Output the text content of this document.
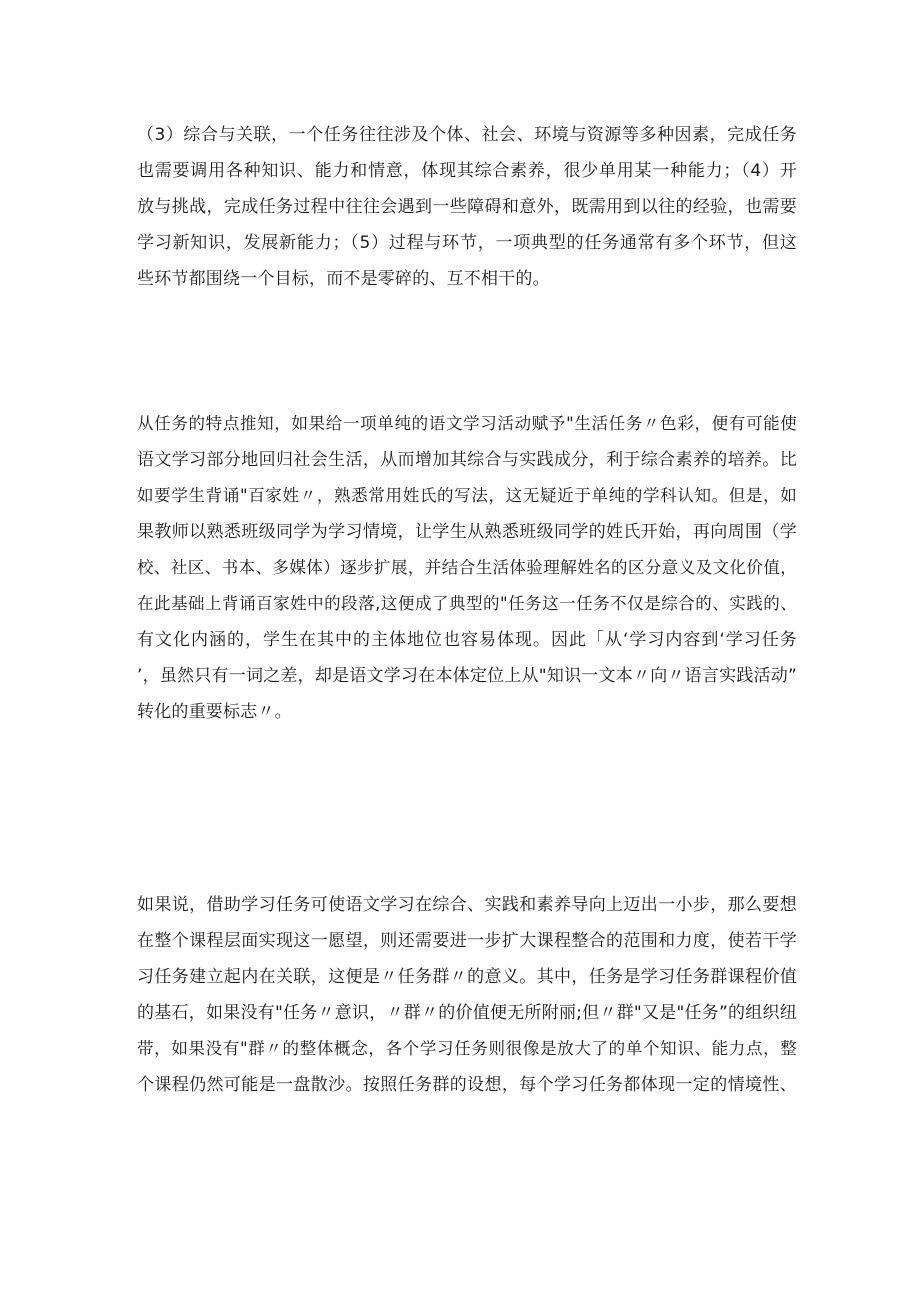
（3）综合与关联，一个任务往往涉及个体、社会、环境与资源等多种因素，完成任务
也需要调用各种知识、能力和情意，体现其综合素养，很少单用某一种能力；（4）开
放与挑战，完成任务过程中往往会遇到一些障碍和意外，既需用到以往的经验，也需要
学习新知识，发展新能力；（5）过程与环节，一项典型的任务通常有多个环节，但这
些环节都围绕一个目标，而不是零碎的、互不相干的。
从任务的特点推知，如果给一项单纯的语文学习活动赋予"生活任务〃色彩，便有可能使
语文学习部分地回归社会生活，从而增加其综合与实践成分，利于综合素养的培养。比
如要学生背诵"百家姓〃，熟悉常用姓氏的写法，这无疑近于单纯的学科认知。但是，如
果教师以熟悉班级同学为学习情境，让学生从熟悉班级同学的姓氏开始，再向周围（学
校、社区、书本、多媒体）逐步扩展，并结合生活体验理解姓名的区分意义及文化价值，
在此基础上背诵百家姓中的段落,这便成了典型的"任务这一任务不仅是综合的、实践的、
有文化内涵的，学生在其中的主体地位也容易体现。因此「从‘学习内容到‘学习任务
’，虽然只有一词之差，却是语文学习在本体定位上从"知识一文本〃向〃语言实践活动”
转化的重要标志〃。
如果说，借助学习任务可使语文学习在综合、实践和素养导向上迈出一小步，那么要想
在整个课程层面实现这一愿望，则还需要进一步扩大课程整合的范围和力度，使若干学
习任务建立起内在关联，这便是〃任务群〃的意义。其中，任务是学习任务群课程价值
的基石，如果没有"任务〃意识，〃群〃的价值便无所附丽;但〃群"又是"任务”的组织纽
带，如果没有"群〃的整体概念，各个学习任务则很像是放大了的单个知识、能力点，整
个课程仍然可能是一盘散沙。按照任务群的设想，每个学习任务都体现一定的情境性、
